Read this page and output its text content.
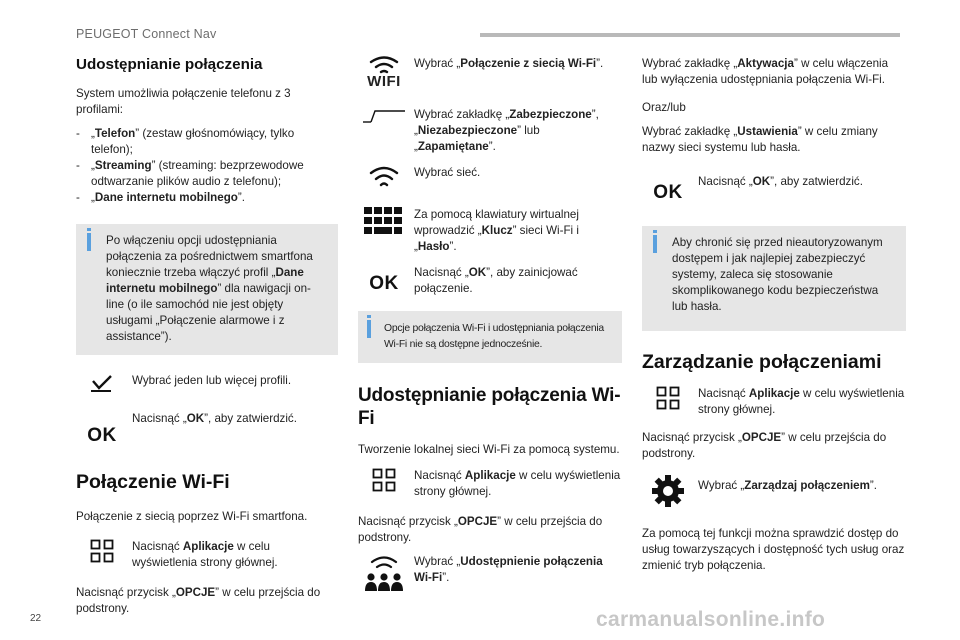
PEUGEOT Connect Nav
Udostępnianie połączenia

System umożliwia połączenie telefonu z 3 profilami:

- „Telefon” (zestaw głośnomówiący, tylko telefon);
- „Streaming” (streaming: bezprzewodowe odtwarzanie plików audio z telefonu);
- „Dane internetu mobilnego”.
Po włączeniu opcji udostępniania połączenia za pośrednictwem smartfona koniecznie trzeba włączyć profil „Dane internetu mobilnego” dla nawigacji on-line (o ile samochód nie jest objęty usługami „Połączenie alarmowe i z assistance”).
Wybrać jeden lub więcej profili.
OK
Nacisnąć „OK”, aby zatwierdzić.
Połączenie Wi-Fi

Połączenie z siecią poprzez Wi-Fi smartfona.

Nacisnąć Aplikacje w celu wyświetlenia strony głównej.

Nacisnąć przycisk „OPCJE” w celu przejścia do podstrony.

WIFI
Wybrać „Połączenie z siecią Wi-Fi”.
Wybrać zakładkę „Zabezpieczone”, „Niezabezpieczone” lub „Zapamiętane”.
Wybrać sieć.
Za pomocą klawiatury wirtualnej wprowadzić „Klucz” sieci Wi-Fi i „Hasło”.
OK
Nacisnąć „OK”, aby zainicjować połączenie.
Opcje połączenia Wi-Fi i udostępniania połączenia Wi-Fi nie są dostępne jednocześnie.
Udostępnianie połączenia Wi-Fi

Tworzenie lokalnej sieci Wi-Fi za pomocą systemu.

Nacisnąć Aplikacje w celu wyświetlenia strony głównej.

Nacisnąć przycisk „OPCJE” w celu przejścia do podstrony.

Wybrać „Udostępnienie połączenia Wi-Fi”.

Wybrać zakładkę „Aktywacja” w celu włączenia lub wyłączenia udostępniania połączenia Wi-Fi.

Oraz/lub

Wybrać zakładkę „Ustawienia” w celu zmiany nazwy sieci systemu lub hasła.

OK
Nacisnąć „OK”, aby zatwierdzić.
Aby chronić się przed nieautoryzowanym dostępem i jak najlepiej zabezpieczyć systemy, zaleca się stosowanie skomplikowanego kodu bezpieczeństwa lub hasła.
Zarządzanie połączeniami
Nacisnąć Aplikacje w celu wyświetlenia strony głównej.

Nacisnąć przycisk „OPCJE” w celu przejścia do podstrony.

Wybrać „Zarządzaj połączeniem”.

Za pomocą tej funkcji można sprawdzić dostęp do usług towarzyszących i dostępność tych usług oraz zmienić tryb połączenia.

22	carmanualsonline.info
